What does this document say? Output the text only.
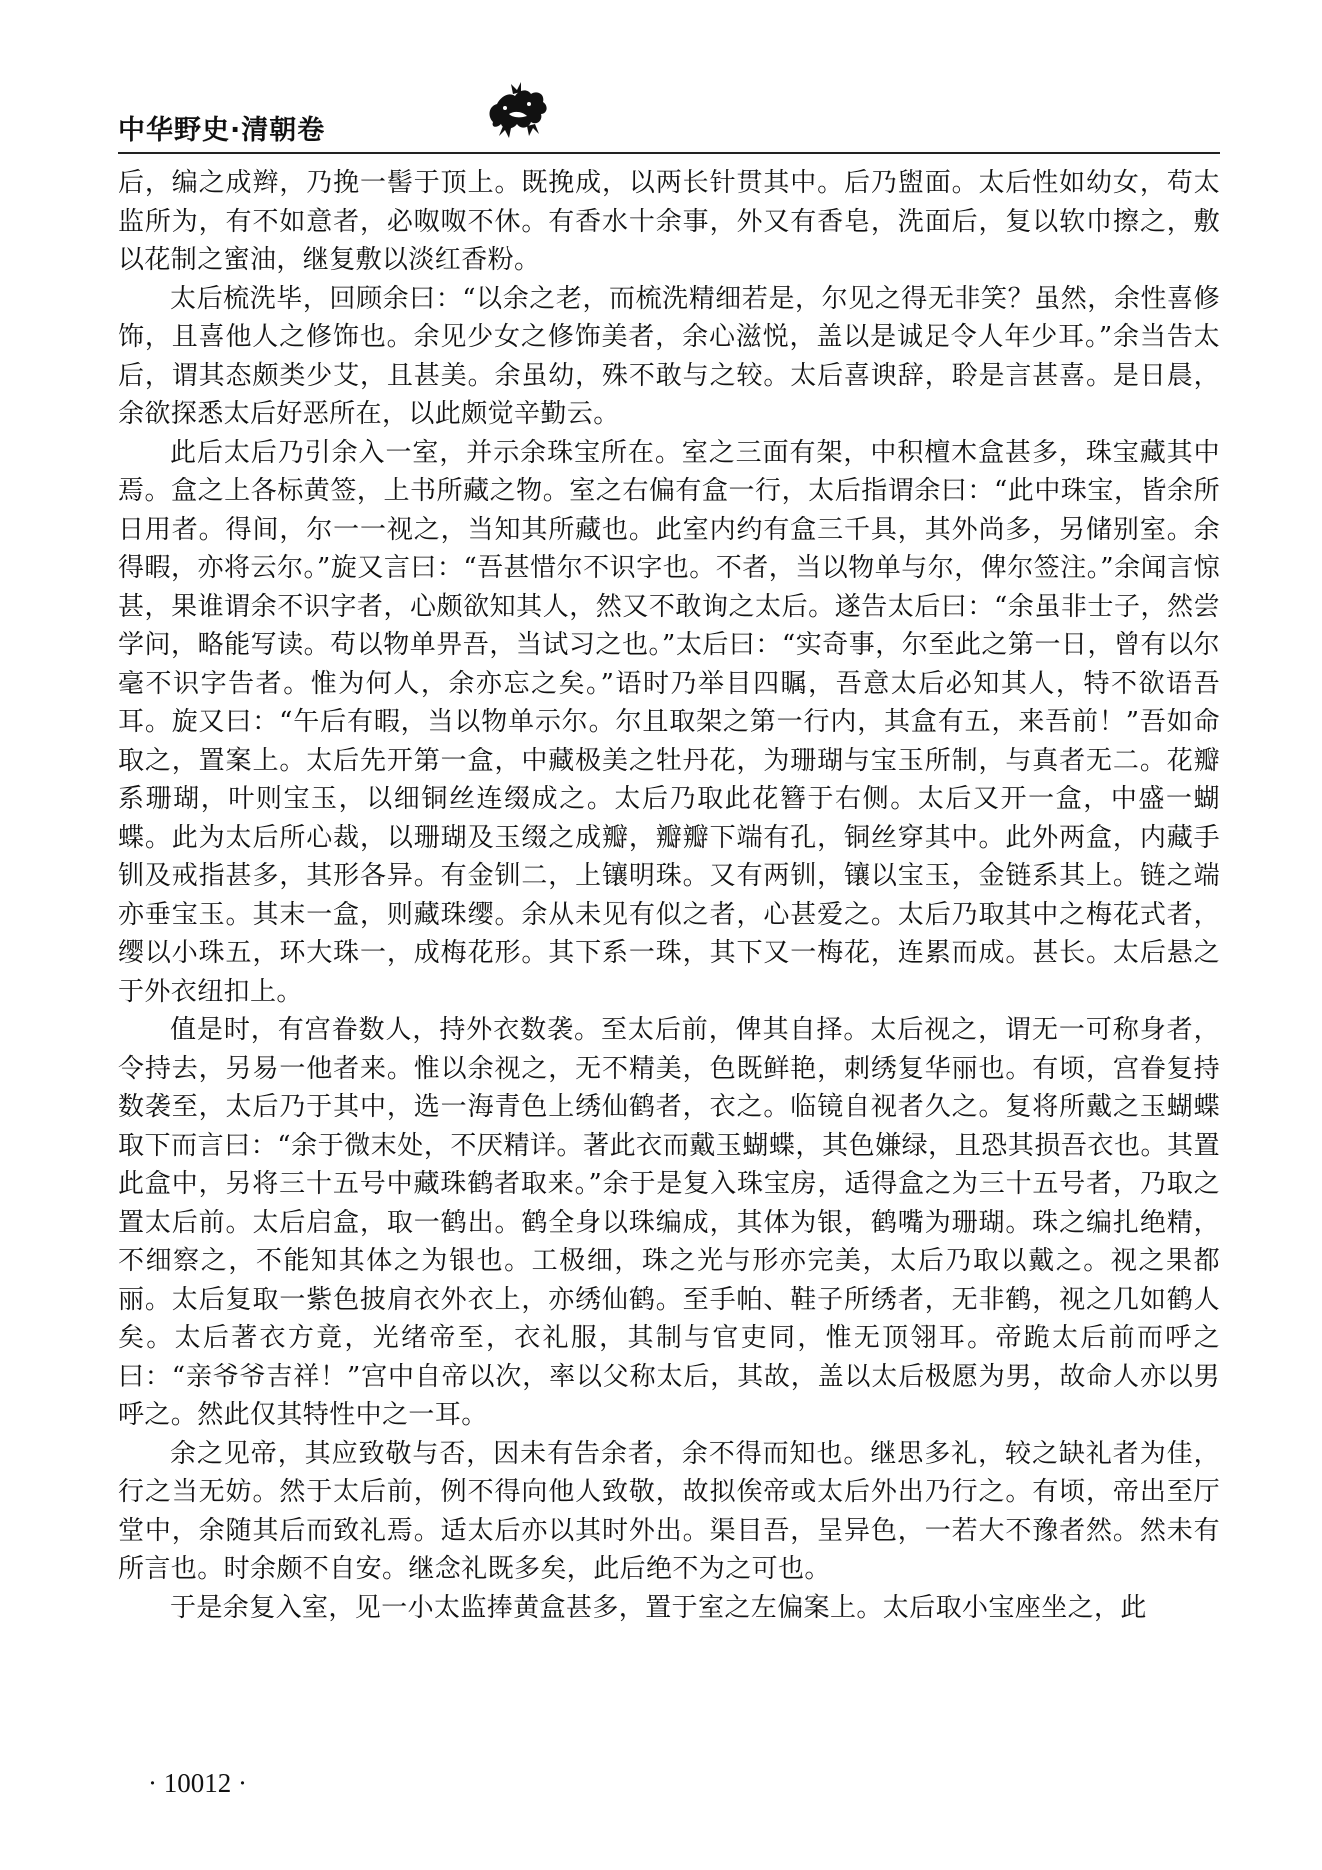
中华野史·清朝卷

后，编之成辫，乃挽一髻于顶上。既挽成，以两长针贯其中。后乃盥面。太后性如幼女，苟太监所为，有不如意者，必呶呶不休。有香水十余事，外又有香皂，洗面后，复以软巾擦之，敷以花制之蜜油，继复敷以淡红香粉。

太后梳洗毕，回顾余曰：“以余之老，而梳洗精细若是，尔见之得无非笑？虽然，余性喜修饰，且喜他人之修饰也。余见少女之修饰美者，余心滋悦，盖以是诚足令人年少耳。”余当告太后，谓其态颇类少艾，且甚美。余虽幼，殊不敢与之较。太后喜谀辞，聆是言甚喜。是日晨，余欲探悉太后好恶所在，以此颇觉辛勤云。

此后太后乃引余入一室，并示余珠宝所在。室之三面有架，中积檀木盒甚多，珠宝藏其中焉。盒之上各标黄签，上书所藏之物。室之右偏有盒一行，太后指谓余曰：“此中珠宝，皆余所日用者。得间，尔一一视之，当知其所藏也。此室内约有盒三千具，其外尚多，另储别室。余得暇，亦将云尔。”旋又言曰：“吾甚惜尔不识字也。不者，当以物单与尔，俾尔签注。”余闻言惊甚，果谁谓余不识字者，心颇欲知其人，然又不敢询之太后。遂告太后曰：“余虽非士子，然尝学问，略能写读。苟以物单畀吾，当试习之也。”太后曰：“实奇事，尔至此之第一日，曾有以尔毫不识字告者。惟为何人，余亦忘之矣。”语时乃举目四瞩，吾意太后必知其人，特不欲语吾耳。旋又曰：“午后有暇，当以物单示尔。尔且取架之第一行内，其盒有五，来吾前！”吾如命取之，置案上。太后先开第一盒，中藏极美之牡丹花，为珊瑚与宝玉所制，与真者无二。花瓣系珊瑚，叶则宝玉，以细铜丝连缀成之。太后乃取此花簪于右侧。太后又开一盒，中盛一蝴蝶。此为太后所心裁，以珊瑚及玉缀之成瓣，瓣瓣下端有孔，铜丝穿其中。此外两盒，内藏手钏及戒指甚多，其形各异。有金钏二，上镶明珠。又有两钏，镶以宝玉，金链系其上。链之端亦垂宝玉。其末一盒，则藏珠缨。余从未见有似之者，心甚爱之。太后乃取其中之梅花式者，缨以小珠五，环大珠一，成梅花形。其下系一珠，其下又一梅花，连累而成。甚长。太后悬之于外衣纽扣上。

值是时，有宫眷数人，持外衣数袭。至太后前，俾其自择。太后视之，谓无一可称身者，令持去，另易一他者来。惟以余视之，无不精美，色既鲜艳，刺绣复华丽也。有顷，宫眷复持数袭至，太后乃于其中，选一海青色上绣仙鹤者，衣之。临镜自视者久之。复将所戴之玉蝴蝶取下而言曰：“余于微末处，不厌精详。著此衣而戴玉蝴蝶，其色嫌绿，且恐其损吾衣也。其置此盒中，另将三十五号中藏珠鹤者取来。”余于是复入珠宝房，适得盒之为三十五号者，乃取之置太后前。太后启盒，取一鹤出。鹤全身以珠编成，其体为银，鹤嘴为珊瑚。珠之编扎绝精，不细察之，不能知其体之为银也。工极细，珠之光与形亦完美，太后乃取以戴之。视之果都丽。太后复取一紫色披肩衣外衣上，亦绣仙鹤。至手帕、鞋子所绣者，无非鹤，视之几如鹤人矣。太后著衣方竟，光绪帝至，衣礼服，其制与官吏同，惟无顶翎耳。帝跪太后前而呼之曰：“亲爷爷吉祥！”宫中自帝以次，率以父称太后，其故，盖以太后极愿为男，故命人亦以男呼之。然此仅其特性中之一耳。

余之见帝，其应致敬与否，因未有告余者，余不得而知也。继思多礼，较之缺礼者为佳，行之当无妨。然于太后前，例不得向他人致敬，故拟俟帝或太后外出乃行之。有顷，帝出至厅堂中，余随其后而致礼焉。适太后亦以其时外出。渠目吾，呈异色，一若大不豫者然。然未有所言也。时余颇不自安。继念礼既多矣，此后绝不为之可也。

于是余复入室，见一小太监捧黄盒甚多，置于室之左偏案上。太后取小宝座坐之，此

· 10012 ·
